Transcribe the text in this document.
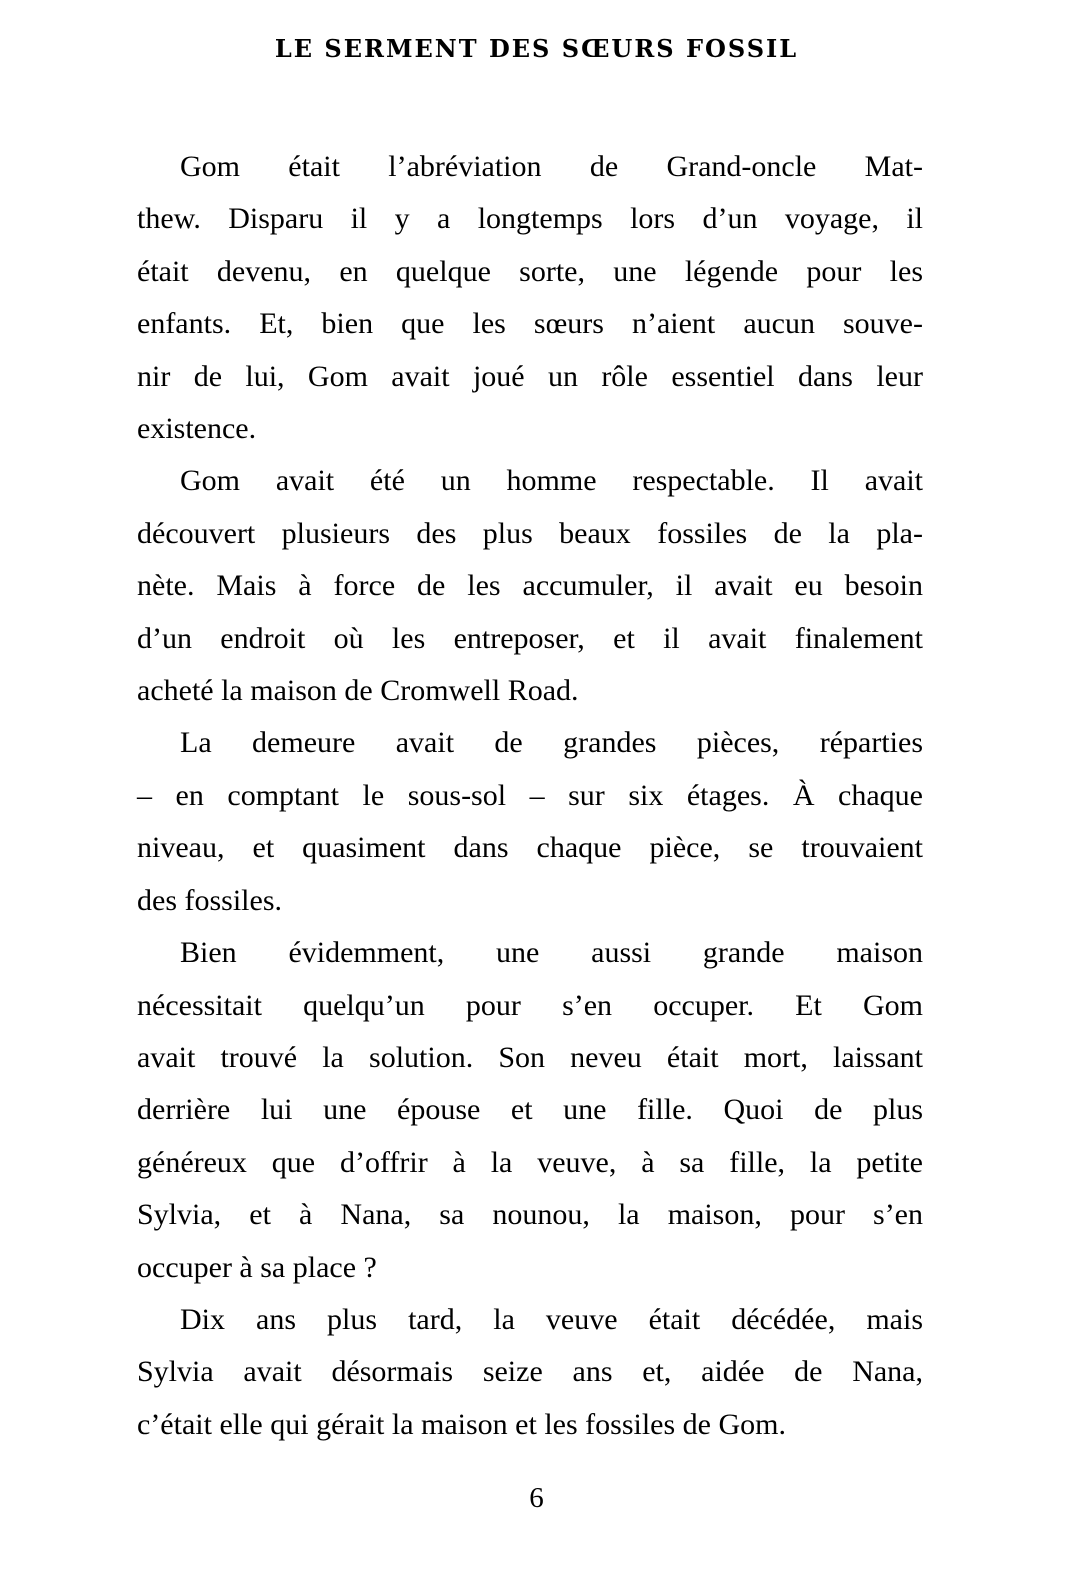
LE SERMENT DES SŒURS FOSSIL
Gom était l’abréviation de Grand-oncle Mat-
thew. Disparu il y a longtemps lors d’un voyage, il
était devenu, en quelque sorte, une légende pour les
enfants. Et, bien que les sœurs n’aient aucun souve-
nir de lui, Gom avait joué un rôle essentiel dans leur
existence.
Gom avait été un homme respectable. Il avait
découvert plusieurs des plus beaux fossiles de la pla-
nète. Mais à force de les accumuler, il avait eu besoin
d’un endroit où les entreposer, et il avait finalement
acheté la maison de Cromwell Road.
La demeure avait de grandes pièces, réparties
– en comptant le sous-sol – sur six étages. À chaque
niveau, et quasiment dans chaque pièce, se trouvaient
des fossiles.
Bien évidemment, une aussi grande maison
nécessitait quelqu’un pour s’en occuper. Et Gom
avait trouvé la solution. Son neveu était mort, laissant
derrière lui une épouse et une fille. Quoi de plus
généreux que d’offrir à la veuve, à sa fille, la petite
Sylvia, et à Nana, sa nounou, la maison, pour s’en
occuper à sa place ?
Dix ans plus tard, la veuve était décédée, mais
Sylvia avait désormais seize ans et, aidée de Nana,
c’était elle qui gérait la maison et les fossiles de Gom.
6
